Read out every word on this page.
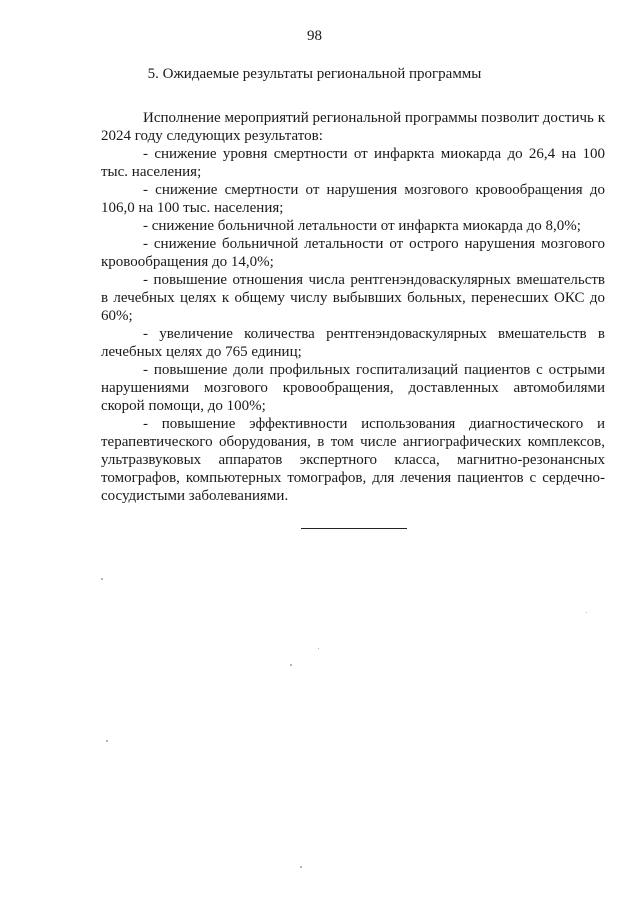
98
5. Ожидаемые результаты региональной программы

Исполнение мероприятий региональной программы позволит достичь к 2024 году следующих результатов:

- снижение уровня смертности от инфаркта миокарда до 26,4 на 100 тыс. населения;

- снижение смертности от нарушения мозгового кровообращения до 106,0 на 100 тыс. населения;

- снижение больничной летальности от инфаркта миокарда до 8,0%;

- снижение больничной летальности от острого нарушения мозгового кровообращения до 14,0%;

- повышение отношения числа рентгенэндоваскулярных вмешательств в лечебных целях к общему числу выбывших больных, перенесших ОКС до 60%;

- увеличение количества рентгенэндоваскулярных вмешательств в лечебных целях до 765 единиц;

- повышение доли профильных госпитализаций пациентов с острыми нарушениями мозгового кровообращения, доставленных автомобилями скорой помощи, до 100%;

- повышение эффективности использования диагностического и терапевтического оборудования, в том числе ангиографических комплексов, ультразвуковых аппаратов экспертного класса, магнитно-резонансных томографов, компьютерных томографов, для лечения пациентов с сердечно-сосудистыми заболеваниями.
